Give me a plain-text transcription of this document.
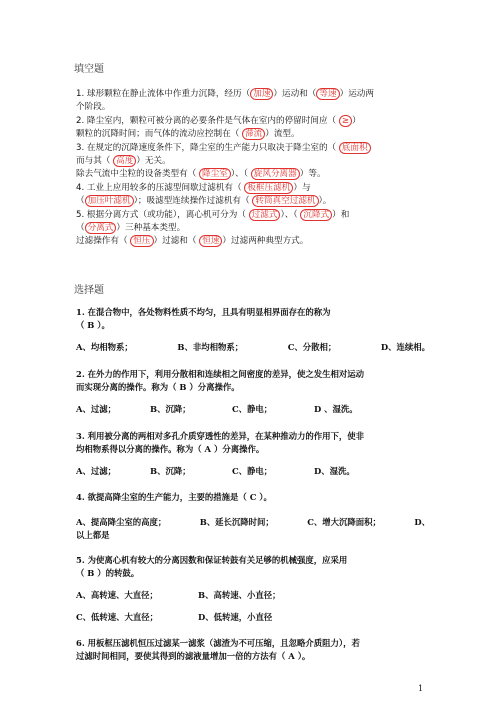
填空题
1. 球形颗粒在静止流体中作重力沉降，经历（ 加速 ）运动和（ 等速 ）运动两
个阶段。
2. 降尘室内，颗粒可被分离的必要条件是气体在室内的停留时间应（ ≥ ）
颗粒的沉降时间；而气体的流动应控制在（ 滞流 ）流型。
3. 在规定的沉降速度条件下，降尘室的生产能力只取决于降尘室的（ 底面积
而与其（ 高度 ）无关。
除去气流中尘粒的设备类型有（ 降尘室 ）、（ 旋风分离器 ）等。
4. 工业上应用较多的压滤型间歇过滤机有（ 板框压滤机 ）与
（ 加压叶滤机 ）；吸滤型连续操作过滤机有（ 转筒真空过滤机 ）。
5. 根据分离方式（或功能），离心机可分为（ 过滤式 ）、（ 沉降式 ）和
（ 分离式 ）三种基本类型。
过滤操作有（ 恒压 ）过滤和（ 恒速 ）过滤两种典型方式。
选择题
1. 在混合物中，各处物料性质不均匀，且具有明显相界面存在的称为
（ B ）。
A、均相物系；	B、非均相物系；	C、分散相；	D、连续相。
2. 在外力的作用下，利用分散相和连续相之间密度的差异，使之发生相对运动
而实现分离的操作。称为（ B ）分离操作。
A、过滤；	B、沉降；	C、静电；	D 、湿洗。
3. 利用被分离的两相对多孔介质穿透性的差异，在某种推动力的作用下，使非
均相物系得以分离的操作。称为（ A ）分离操作。
A、过滤；	B、沉降；	C、静电；	D、湿洗。
4. 欲提高降尘室的生产能力，主要的措施是（ C ）。
A、提高降尘室的高度；	B、延长沉降时间；	C、增大沉降面积；	D、
以上都是
5. 为使离心机有较大的分离因数和保证转鼓有关足够的机械强度，应采用
（ B ）的转鼓。
A、高转速、大直径；	B、高转速、小直径；
C、低转速、大直径；	D、低转速，小直径
6. 用板框压滤机恒压过滤某一滤浆（滤渣为不可压缩，且忽略介质阻力），若
过滤时间相同，要使其得到的滤液量增加一倍的方法有（ A ）。
1
